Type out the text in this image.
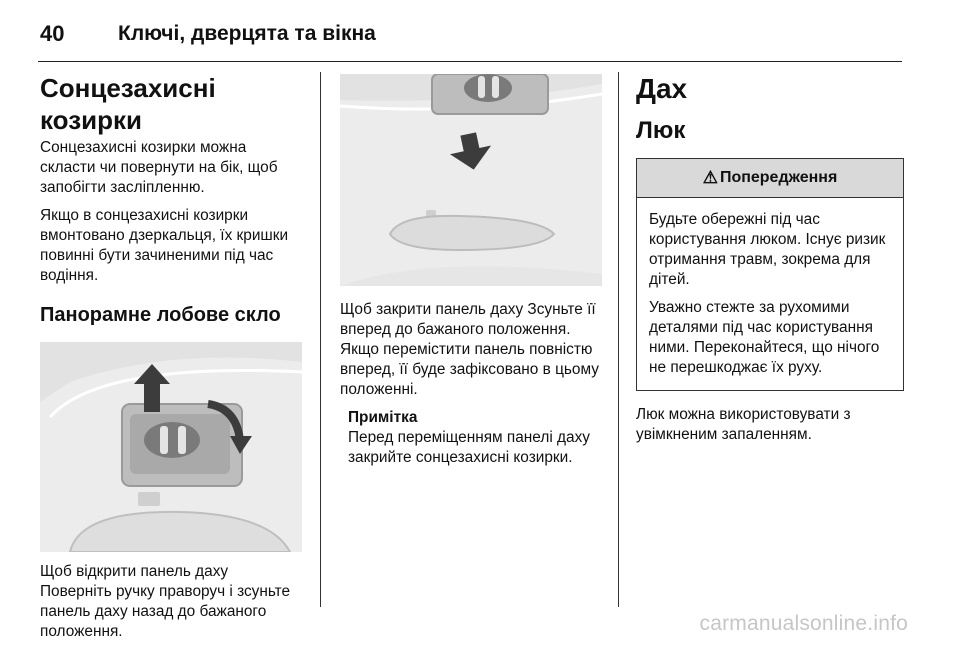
40	Ключі, дверцята та вікна
Сонцезахисні козирки

Сонцезахисні козирки можна скласти чи повернути на бік, щоб запобігти засліпленню.

Якщо в сонцезахисні козирки вмонтовано дзеркальця, їх кришки повинні бути зачиненими під час водіння.

Панорамне лобове скло

Щоб відкрити панель даху

Поверніть ручку праворуч і зсуньте панель даху назад до бажаного положення.

Щоб закрити панель даху Зсуньте її вперед до бажаного положення. Якщо перемістити панель повністю вперед, її буде зафіксовано в цьому положенні.

Примітка
Перед переміщенням панелі даху закрийте сонцезахисні козирки.
Дах
Люк
⚠ Попередження

Будьте обережні під час користування люком. Існує ризик отримання травм, зокрема для дітей.

Уважно стежте за рухомими деталями під час користування ними. Переконайтеся, що нічого не перешкоджає їх руху.

Люк можна використовувати з увімкненим запаленням.

carmanualsonline.info
